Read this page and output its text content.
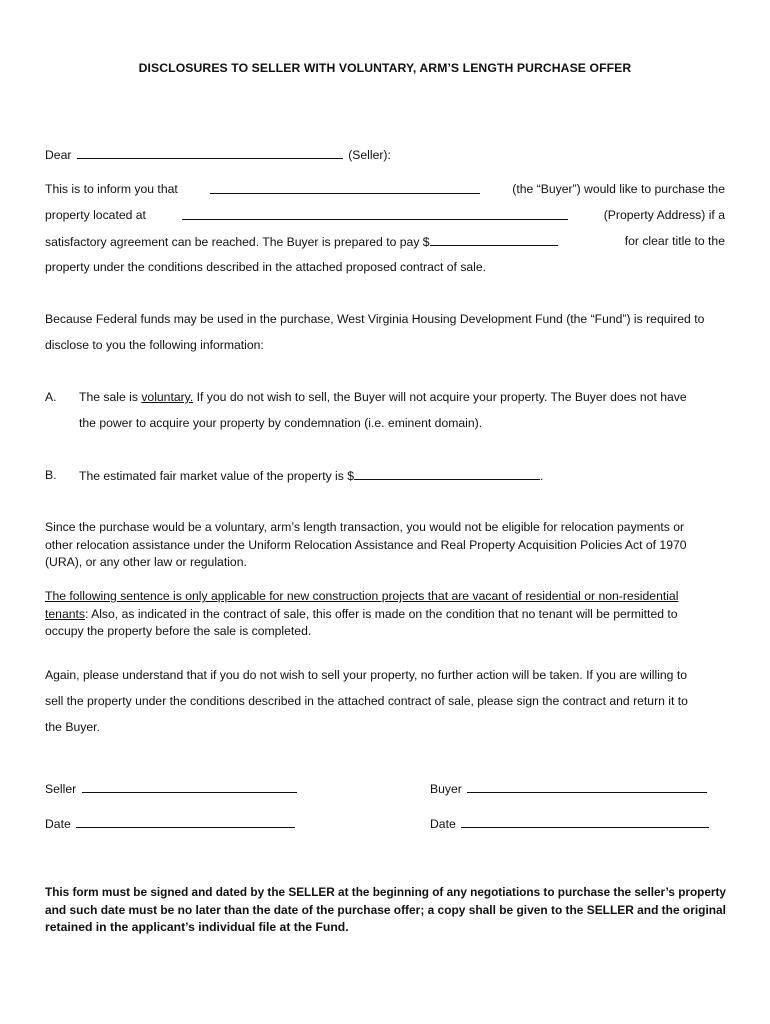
DISCLOSURES TO SELLER WITH VOLUNTARY, ARM’S LENGTH PURCHASE OFFER
Dear	(Seller):
This is to inform you that	(the “Buyer”) would like to purchase the
property located at	(Property Address) if a
satisfactory agreement can be reached. The Buyer is prepared to pay $	for clear title to the
property under the conditions described in the attached proposed contract of sale.
Because Federal funds may be used in the purchase, West Virginia Housing Development Fund (the “Fund”) is required to
disclose to you the following information:
A. The sale is voluntary. If you do not wish to sell, the Buyer will not acquire your property. The Buyer does not have
the power to acquire your property by condemnation (i.e. eminent domain).
B. The estimated fair market value of the property is $	.
Since the purchase would be a voluntary, arm’s length transaction, you would not be eligible for relocation payments or
other relocation assistance under the Uniform Relocation Assistance and Real Property Acquisition Policies Act of 1970
(URA), or any other law or regulation.
The following sentence is only applicable for new construction projects that are vacant of residential or non-residential
tenants: Also, as indicated in the contract of sale, this offer is made on the condition that no tenant will be permitted to
occupy the property before the sale is completed.
Again, please understand that if you do not wish to sell your property, no further action will be taken. If you are willing to
sell the property under the conditions described in the attached contract of sale, please sign the contract and return it to
the Buyer.
Seller	Buyer
Date	Date
This form must be signed and dated by the SELLER at the beginning of any negotiations to purchase the seller’s property
and such date must be no later than the date of the purchase offer; a copy shall be given to the SELLER and the original
retained in the applicant’s individual file at the Fund.
